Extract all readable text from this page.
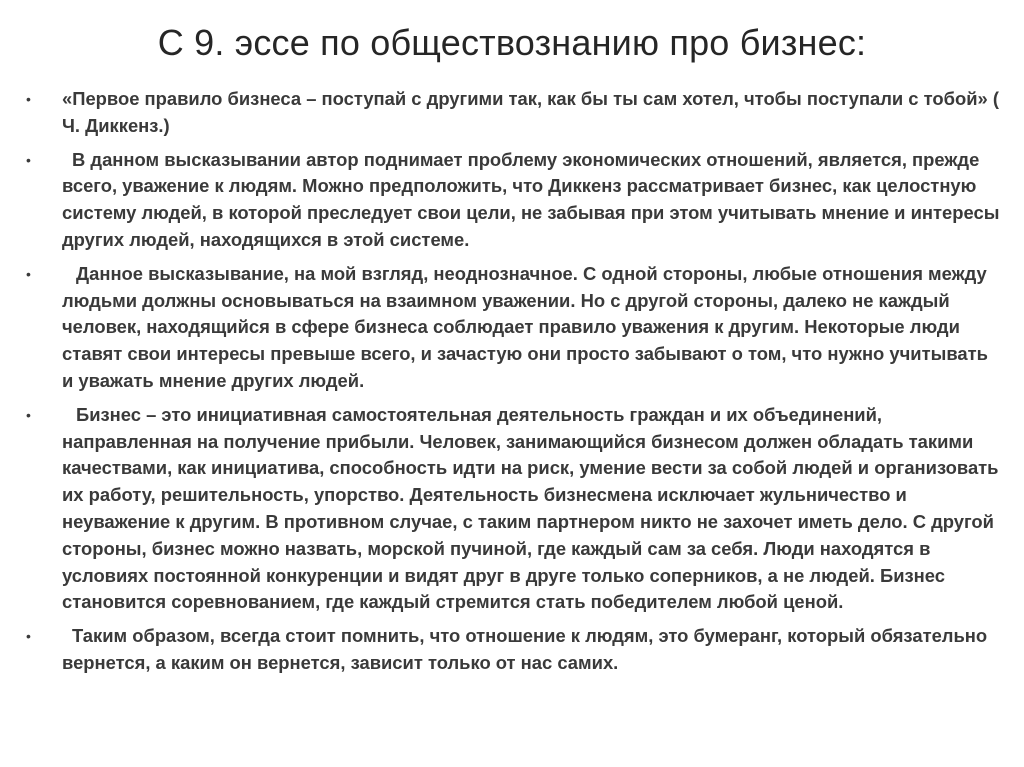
С 9. эссе по обществознанию про бизнес:
• «Первое правило бизнеса – поступай с другими так, как бы ты сам хотел, чтобы поступали с тобой» ( Ч. Диккенз.)
•	В данном высказывании автор поднимает проблему экономических отношений, является, прежде всего, уважение к людям. Можно предположить, что Диккенз рассматривает бизнес, как целостную систему людей, в которой преследует свои цели, не забывая при этом учитывать мнение и интересы других людей, находящихся в этой системе.
•	Данное высказывание, на мой взгляд, неоднозначное. С одной стороны, любые отношения между людьми должны основываться на взаимном уважении. Но с другой стороны, далеко не каждый человек, находящийся в сфере бизнеса соблюдает правило уважения к другим. Некоторые люди ставят свои интересы превыше всего, и зачастую они просто забывают о том, что нужно учитывать и уважать мнение других людей.
•	Бизнес – это инициативная самостоятельная деятельность граждан и их объединений, направленная на получение прибыли. Человек, занимающийся бизнесом должен обладать такими качествами, как инициатива, способность идти на риск, умение вести за собой людей и организовать их работу, решительность, упорство. Деятельность бизнесмена исключает жульничество и неуважение к другим. В противном случае, с таким партнером никто не захочет иметь дело. С другой стороны, бизнес можно назвать, морской пучиной, где каждый сам за себя. Люди находятся в условиях постоянной конкуренции и видят друг в друге только соперников, а не людей. Бизнес становится соревнованием, где каждый стремится стать победителем любой ценой.
•	Таким образом, всегда стоит помнить, что отношение к людям, это бумеранг, который обязательно вернется, а каким он вернется, зависит только от нас самих.
